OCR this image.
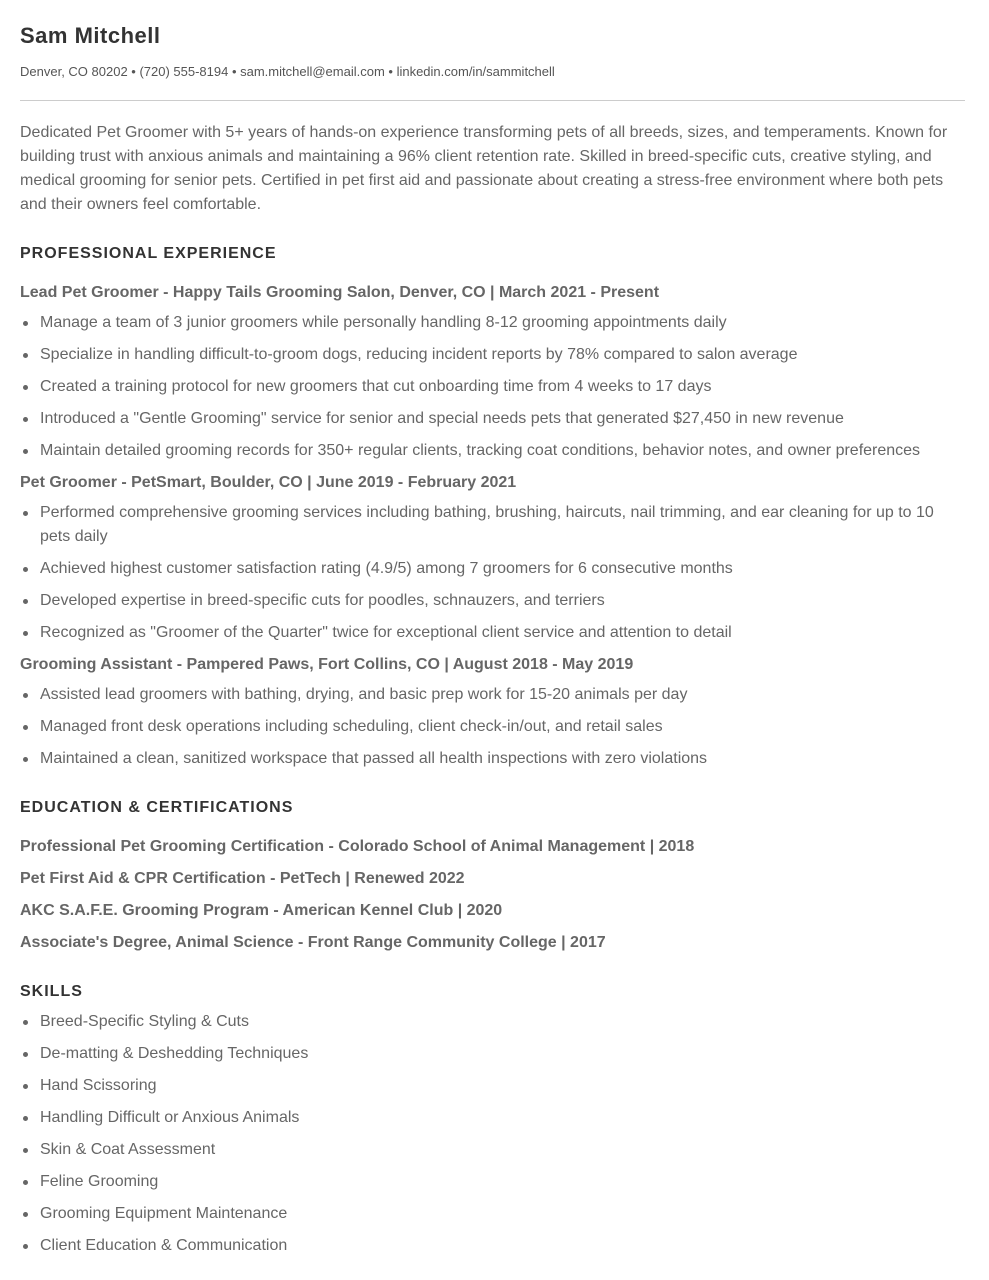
Sam Mitchell
Denver, CO 80202 • (720) 555-8194 • sam.mitchell@email.com • linkedin.com/in/sammitchell

Dedicated Pet Groomer with 5+ years of hands-on experience transforming pets of all breeds, sizes, and temperaments. Known for building trust with anxious animals and maintaining a 96% client retention rate. Skilled in breed-specific cuts, creative styling, and medical grooming for senior pets. Certified in pet first aid and passionate about creating a stress-free environment where both pets and their owners feel comfortable.

PROFESSIONAL EXPERIENCE
Lead Pet Groomer - Happy Tails Grooming Salon, Denver, CO | March 2021 - Present
Manage a team of 3 junior groomers while personally handling 8-12 grooming appointments daily
Specialize in handling difficult-to-groom dogs, reducing incident reports by 78% compared to salon average
Created a training protocol for new groomers that cut onboarding time from 4 weeks to 17 days
Introduced a "Gentle Grooming" service for senior and special needs pets that generated $27,450 in new revenue
Maintain detailed grooming records for 350+ regular clients, tracking coat conditions, behavior notes, and owner preferences
Pet Groomer - PetSmart, Boulder, CO | June 2019 - February 2021
Performed comprehensive grooming services including bathing, brushing, haircuts, nail trimming, and ear cleaning for up to 10 pets daily
Achieved highest customer satisfaction rating (4.9/5) among 7 groomers for 6 consecutive months
Developed expertise in breed-specific cuts for poodles, schnauzers, and terriers
Recognized as "Groomer of the Quarter" twice for exceptional client service and attention to detail
Grooming Assistant - Pampered Paws, Fort Collins, CO | August 2018 - May 2019
Assisted lead groomers with bathing, drying, and basic prep work for 15-20 animals per day
Managed front desk operations including scheduling, client check-in/out, and retail sales
Maintained a clean, sanitized workspace that passed all health inspections with zero violations
EDUCATION & CERTIFICATIONS
Professional Pet Grooming Certification - Colorado School of Animal Management | 2018
Pet First Aid & CPR Certification - PetTech | Renewed 2022
AKC S.A.F.E. Grooming Program - American Kennel Club | 2020
Associate's Degree, Animal Science - Front Range Community College | 2017
SKILLS
Breed-Specific Styling & Cuts
De-matting & Deshedding Techniques
Hand Scissoring
Handling Difficult or Anxious Animals
Skin & Coat Assessment
Feline Grooming
Grooming Equipment Maintenance
Client Education & Communication
